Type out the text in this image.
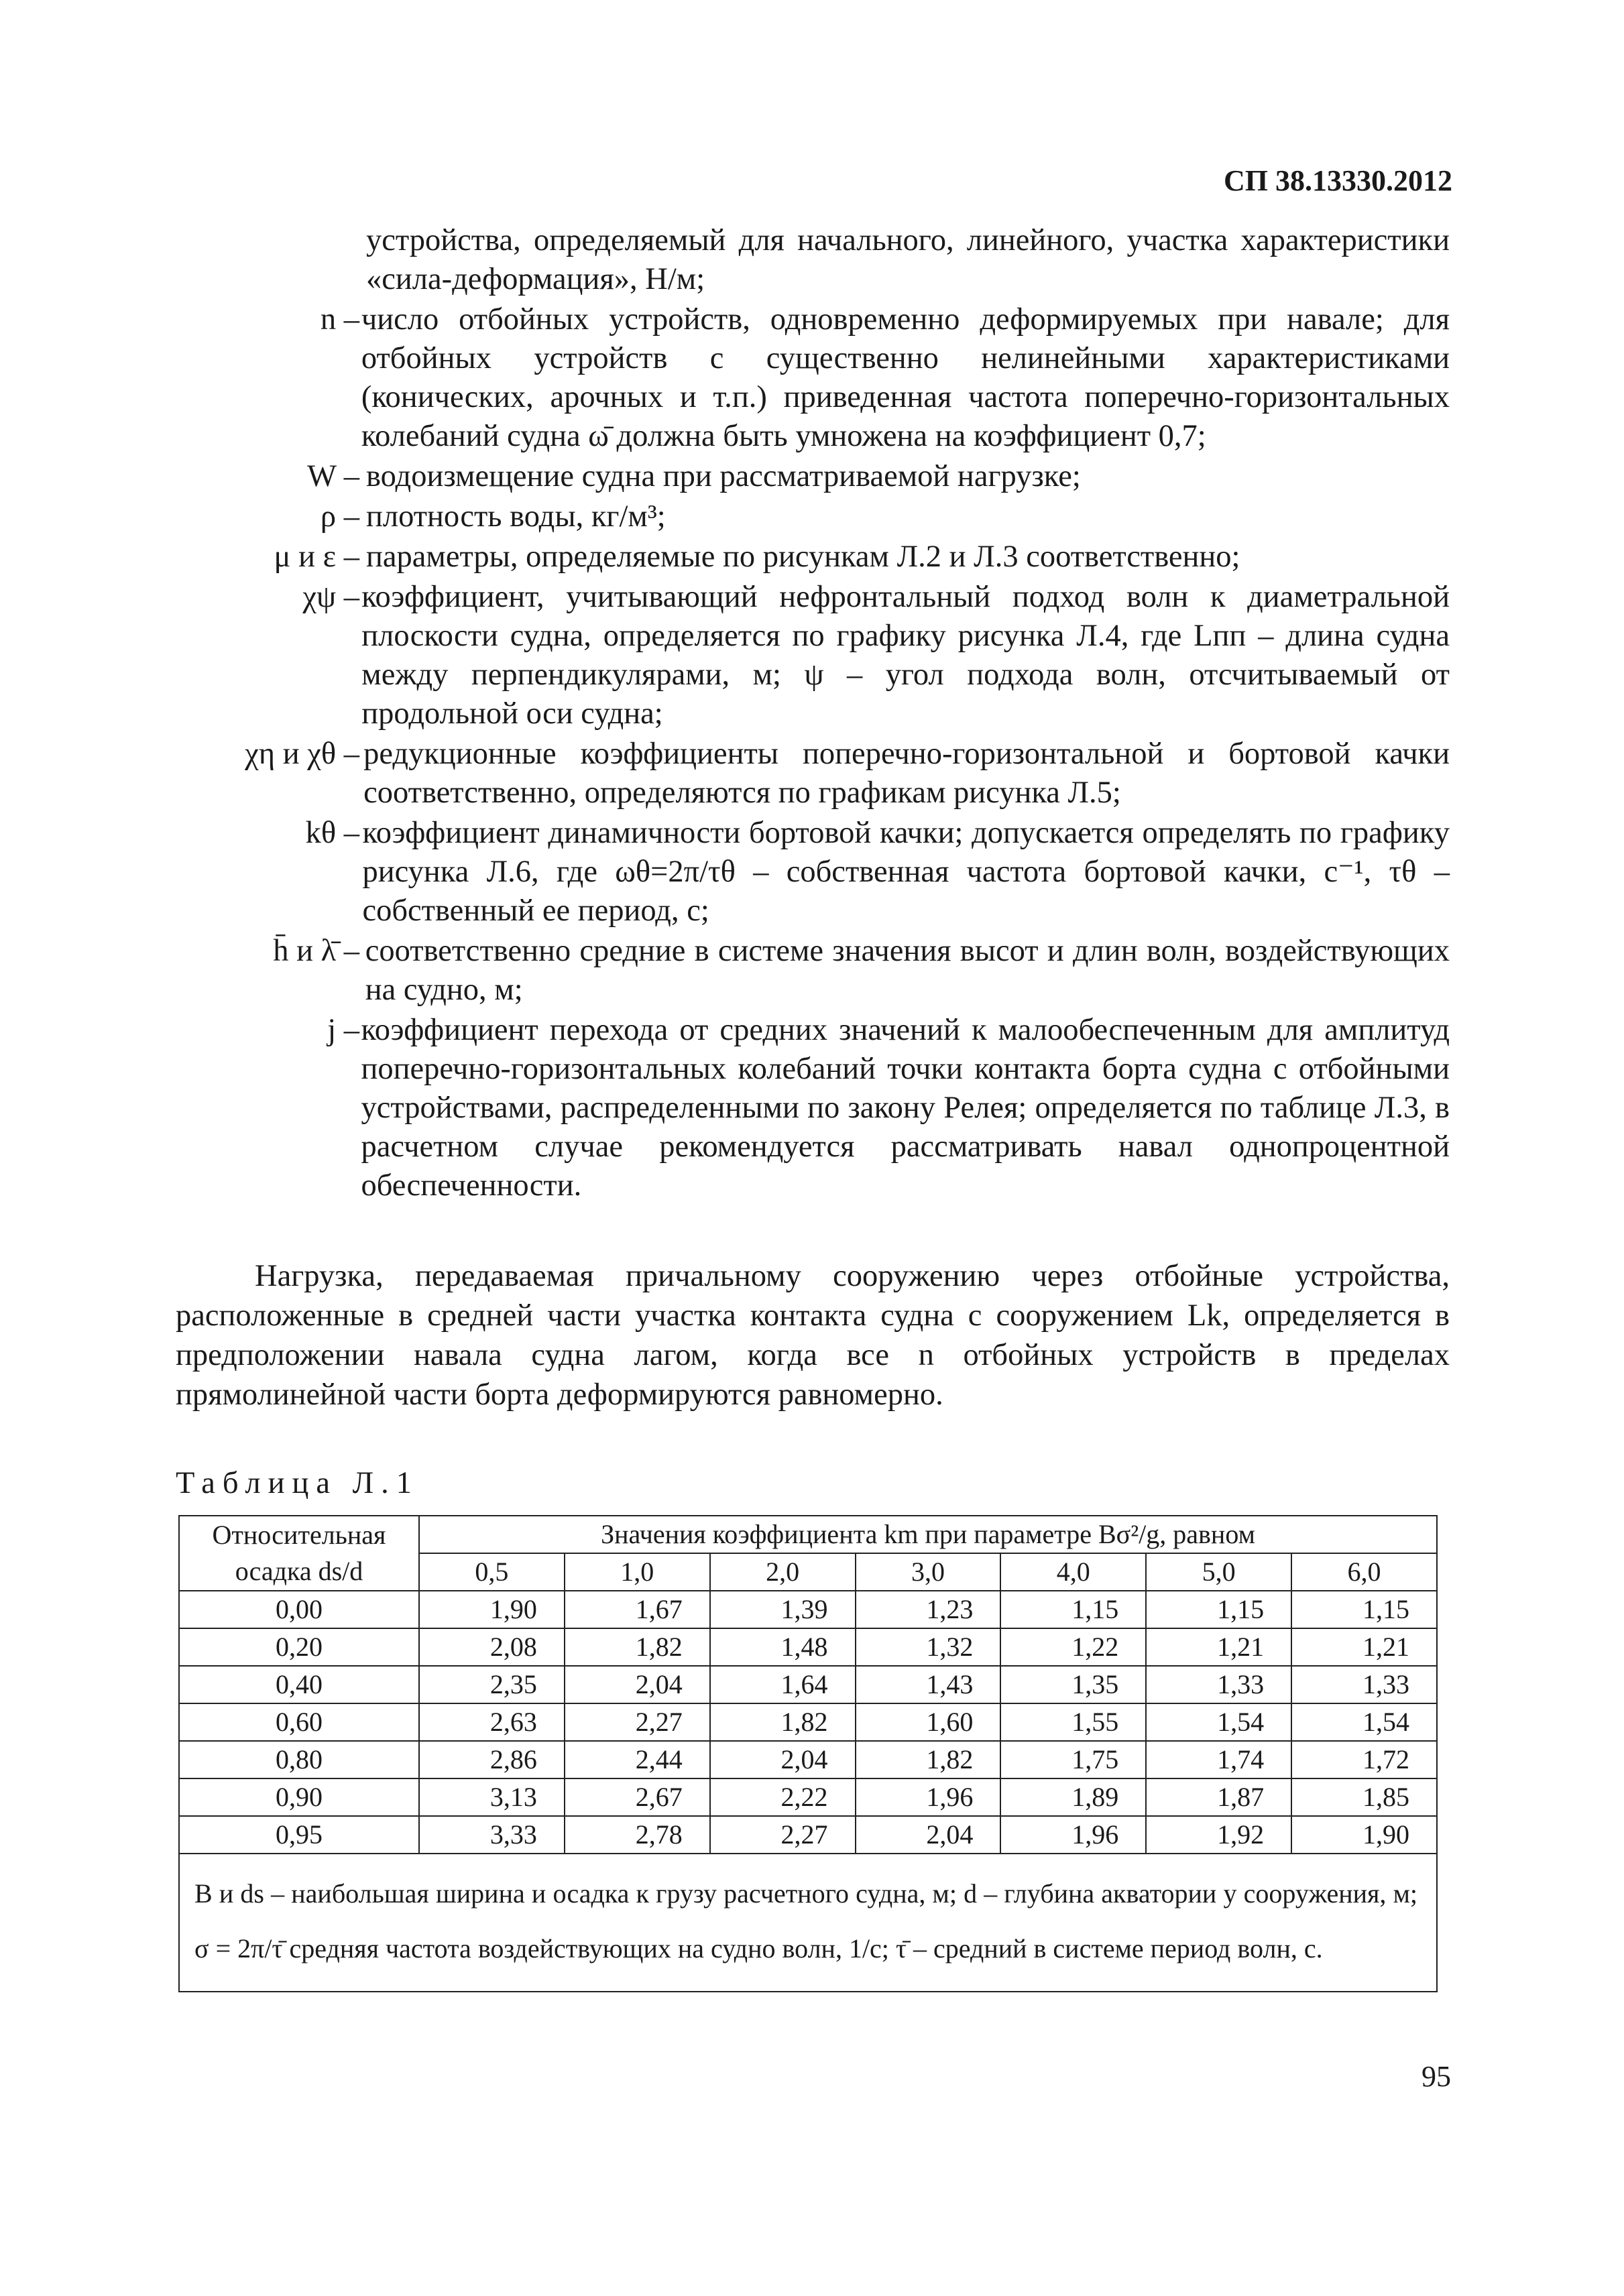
СП 38.13330.2012
устройства, определяемый для начального, линейного, участка характеристики «сила-деформация», Н/м;
n – число отбойных устройств, одновременно деформируемых при навале; для отбойных устройств с существенно нелинейными характеристиками (конических, арочных и т.п.) приведенная частота поперечно-горизонтальных колебаний судна ω̄ должна быть умножена на коэффициент 0,7;
W – водоизмещение судна при рассматриваемой нагрузке;
ρ – плотность воды, кг/м³;
μ и ε – параметры, определяемые по рисункам Л.2 и Л.3 соответственно;
χψ – коэффициент, учитывающий нефронтальный подход волн к диаметральной плоскости судна, определяется по графику рисунка Л.4, где Lпп – длина судна между перпендикулярами, м; ψ – угол подхода волн, отсчитываемый от продольной оси судна;
χη и χθ – редукционные коэффициенты поперечно-горизонтальной и бортовой качки соответственно, определяются по графикам рисунка Л.5;
kθ – коэффициент динамичности бортовой качки; допускается определять по графику рисунка Л.6, где ωθ=2π/τθ – собственная частота бортовой качки, с⁻¹, τθ – собственный ее период, с;
h̄ и λ̄ – соответственно средние в системе значения высот и длин волн, воздействующих на судно, м;
j – коэффициент перехода от средних значений к малообеспеченным для амплитуд поперечно-горизонтальных колебаний точки контакта борта судна с отбойными устройствами, распределенными по закону Релея; определяется по таблице Л.3, в расчетном случае рекомендуется рассматривать навал однопроцентной обеспеченности.
Нагрузка, передаваемая причальному сооружению через отбойные устройства, расположенные в средней части участка контакта судна с сооружением Lk, определяется в предположении навала судна лагом, когда все n отбойных устройств в пределах прямолинейной части борта деформируются равномерно.
Таблица Л.1
Относительная осадка ds/d	Значения коэффициента km при параметре Bσ²/g, равном						
	0,5	1,0	2,0	3,0	4,0	5,0	6,0
0,00	1,90	1,67	1,39	1,23	1,15	1,15	1,15
0,20	2,08	1,82	1,48	1,32	1,22	1,21	1,21
0,40	2,35	2,04	1,64	1,43	1,35	1,33	1,33
0,60	2,63	2,27	1,82	1,60	1,55	1,54	1,54
0,80	2,86	2,44	2,04	1,82	1,75	1,74	1,72
0,90	3,13	2,67	2,22	1,96	1,89	1,87	1,85
0,95	3,33	2,78	2,27	2,04	1,96	1,92	1,90
B и ds – наибольшая ширина и осадка к грузу расчетного судна, м; d – глубина акватории у сооружения, м; σ = 2π/τ̄ средняя частота воздействующих на судно волн, 1/с; τ̄ – средний в системе период волн, с.							
95
